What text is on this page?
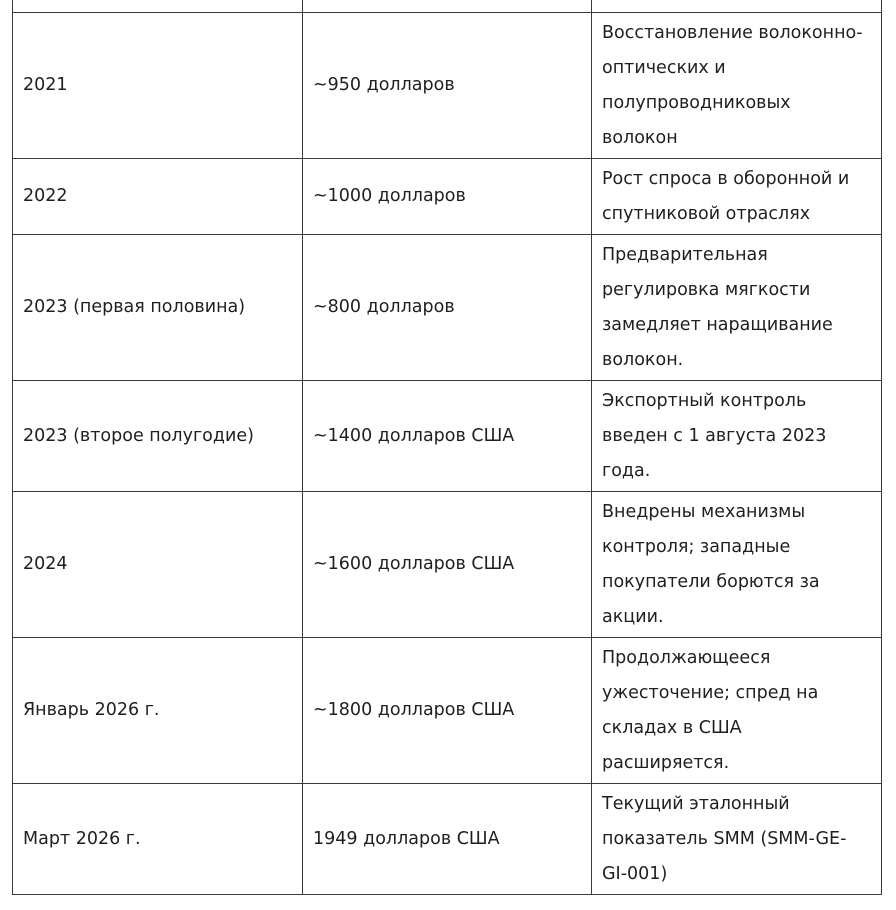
2021	~950 долларов	Восстановление волоконно-оптических и полупроводниковых волокон
2022	~1000 долларов	Рост спроса в оборонной и спутниковой отраслях
2023 (первая половина)	~800 долларов	Предварительная регулировка мягкости замедляет наращивание волокон.
2023 (второе полугодие)	~1400 долларов США	Экспортный контроль введен с 1 августа 2023 года.
2024	~1600 долларов США	Внедрены механизмы контроля; западные покупатели борются за акции.
Январь 2026 г.	~1800 долларов США	Продолжающееся ужесточение; спред на складах в США расширяется.
Март 2026 г.	1949 долларов США	Текущий эталонный показатель SMM (SMM-GE-GI-001)
